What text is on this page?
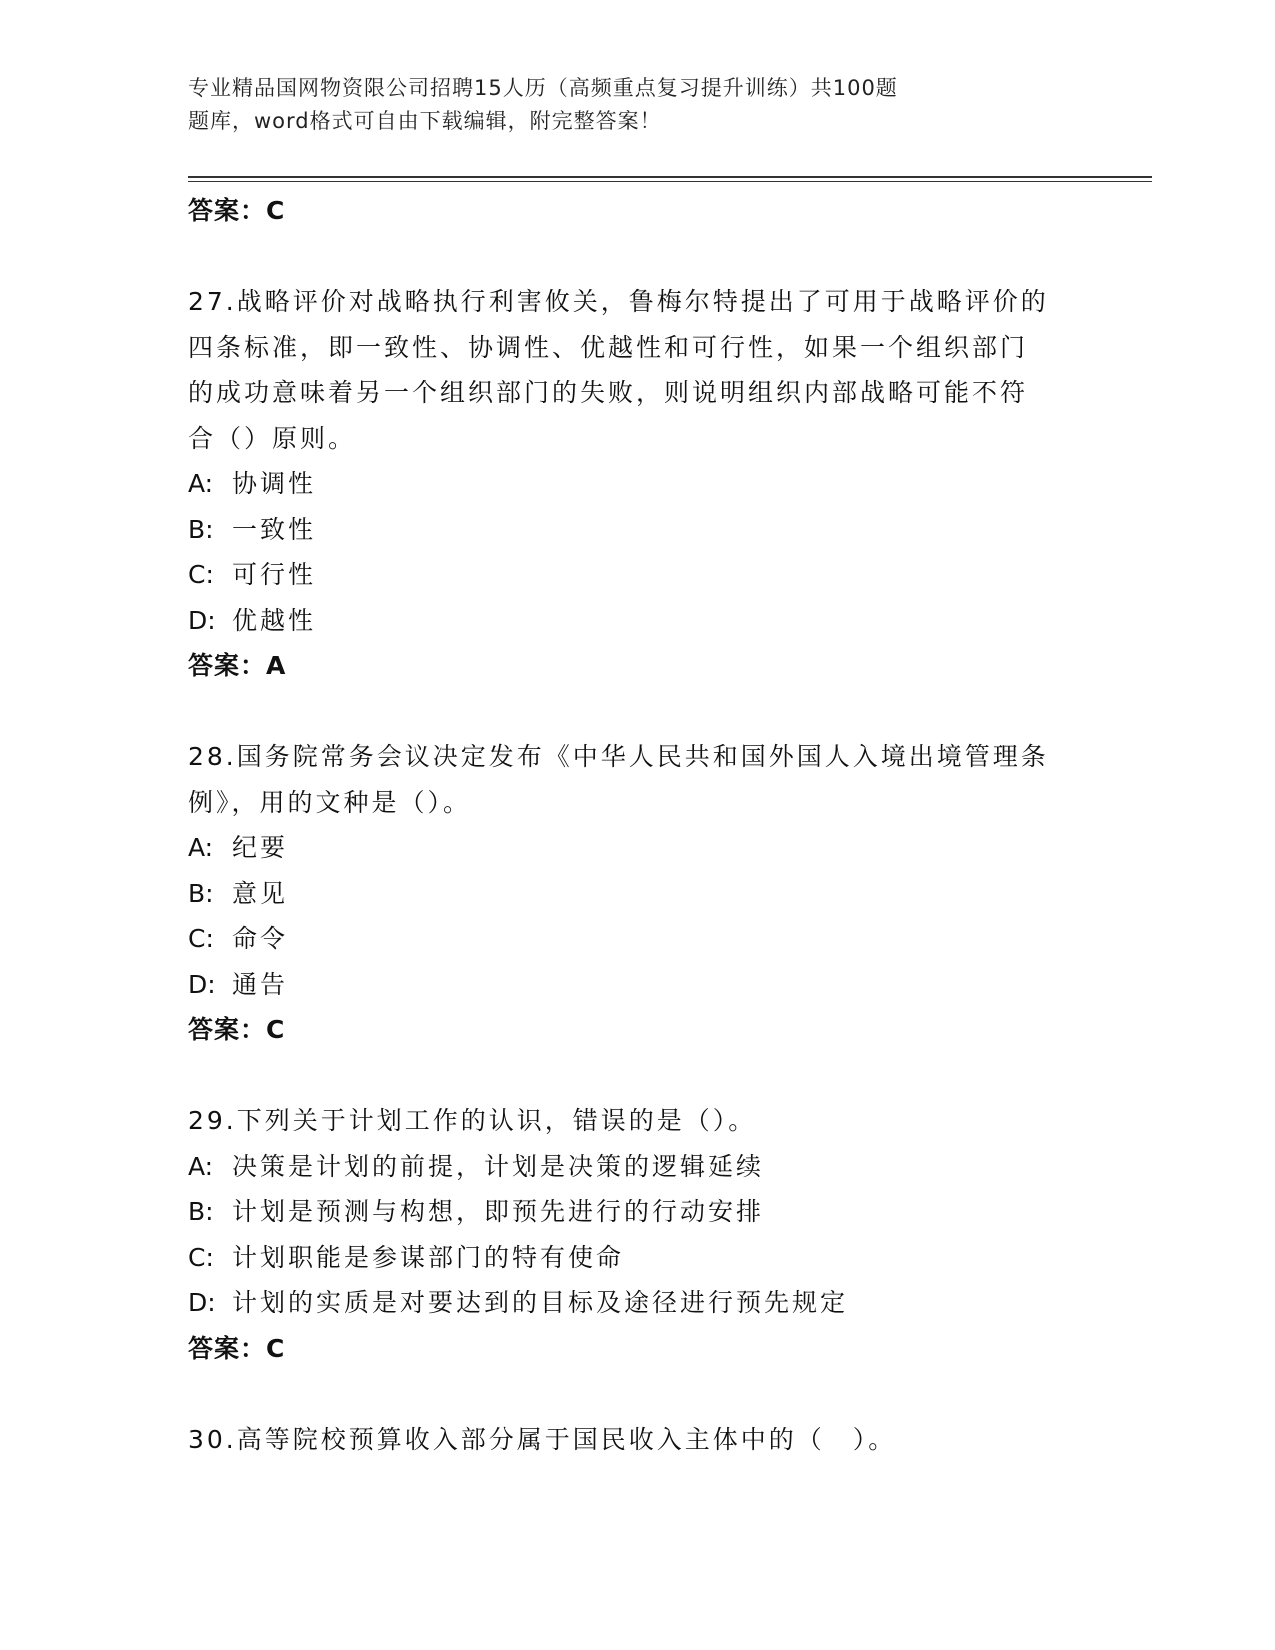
专业精品国网物资限公司招聘15人历（高频重点复习提升训练）共100题
题库，word格式可自由下载编辑，附完整答案！
答案：C
27.战略评价对战略执行利害攸关，鲁梅尔特提出了可用于战略评价的
四条标准，即一致性、协调性、优越性和可行性，如果一个组织部门
的成功意味着另一个组织部门的失败，则说明组织内部战略可能不符
合（）原则。
A: 协调性
B: 一致性
C: 可行性
D: 优越性
答案：A
28.国务院常务会议决定发布《中华人民共和国外国人入境出境管理条
例》，用的文种是（）。
A: 纪要
B: 意见
C: 命令
D: 通告
答案：C
29.下列关于计划工作的认识，错误的是（）。
A: 决策是计划的前提，计划是决策的逻辑延续
B: 计划是预测与构想，即预先进行的行动安排
C: 计划职能是参谋部门的特有使命
D: 计划的实质是对要达到的目标及途径进行预先规定
答案：C
30.高等院校预算收入部分属于国民收入主体中的（　）。
